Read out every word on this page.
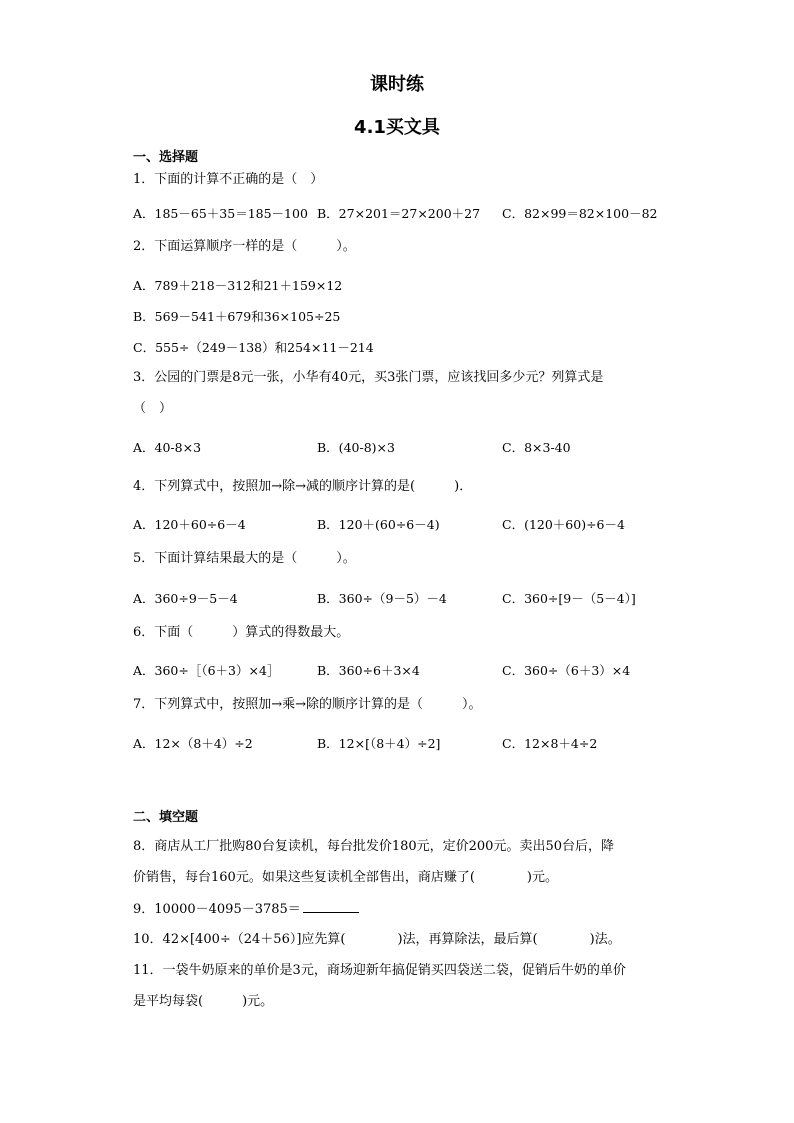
课时练
4.1买文具
一、选择题
1．下面的计算不正确的是（　）
A．185－65＋35＝185－100 B．27×201＝27×200＋27 C．82×99＝82×100－82
2．下面运算顺序一样的是（　　　）。
A．789＋218－312和21＋159×12
B．569－541＋679和36×105÷25
C．555÷（249－138）和254×11－214
3．公园的门票是8元一张，小华有40元，买3张门票，应该找回多少元？列算式是
（　）
A．40-8×3	B．(40-8)×3	C．8×3-40
4．下列算式中，按照加→除→减的顺序计算的是(　　　)．
A．120＋60÷6－4	B．120＋(60÷6－4)	C．(120＋60)÷6－4
5．下面计算结果最大的是（　　　）。
A．360÷9－5－4	B．360÷（9－5）－4	C．360÷[9－（5－4）]
6．下面（　　　）算式的得数最大。
A．360÷［（6＋3）×4］	B．360÷6＋3×4	C．360÷（6＋3）×4
7．下列算式中，按照加→乘→除的顺序计算的是（　　　）。
A．12×（8＋4）÷2	B．12×[（8＋4）÷2]	C．12×8＋4÷2
二、填空题
8．商店从工厂批购80台复读机，每台批发价180元，定价200元。卖出50台后，降
价销售，每台160元。如果这些复读机全部售出，商店赚了(　　　　)元。
9．10000－4095－3785＝
10．42×[400÷（24＋56）]应先算(　　　　)法，再算除法，最后算(　　　　)法。
11．一袋牛奶原来的单价是3元，商场迎新年搞促销买四袋送二袋，促销后牛奶的单价
是平均每袋(　　　)元。
